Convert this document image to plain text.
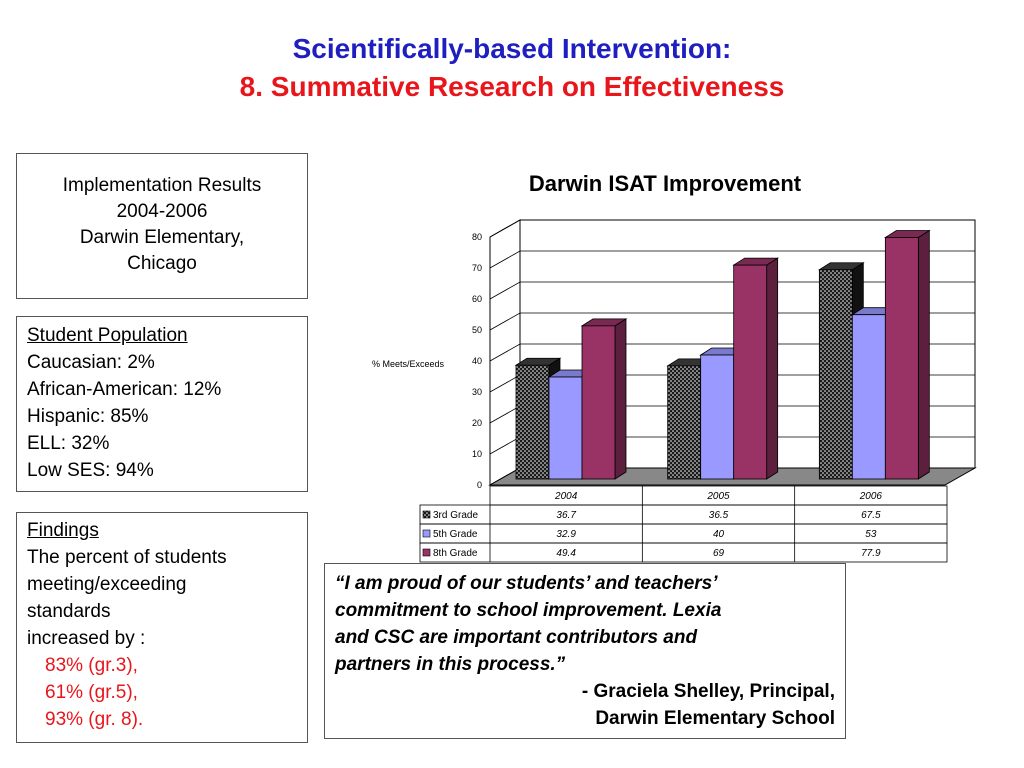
Scientifically-based Intervention:
8. Summative Research on Effectiveness
Implementation Results
2004-2006
Darwin Elementary,
Chicago
Student Population
Caucasian: 2%
African-American: 12%
Hispanic: 85%
ELL: 32%
Low SES: 94%
Findings
The percent of students
meeting/exceeding
standards
increased by :
83% (gr.3),
61% (gr.5),
93% (gr. 8).
Darwin ISAT Improvement
0
10
20
30
40
50
60
70
80
% Meets/Exceeds
2004	2005	2006
3rd Grade	36.7	36.5	67.5
5th Grade	32.9	40	53
8th Grade	49.4	69	77.9
“I am proud of our students’ and teachers’
commitment to school improvement. Lexia
and CSC are important contributors and
partners in this process.”
- Graciela Shelley, Principal,
Darwin Elementary School
